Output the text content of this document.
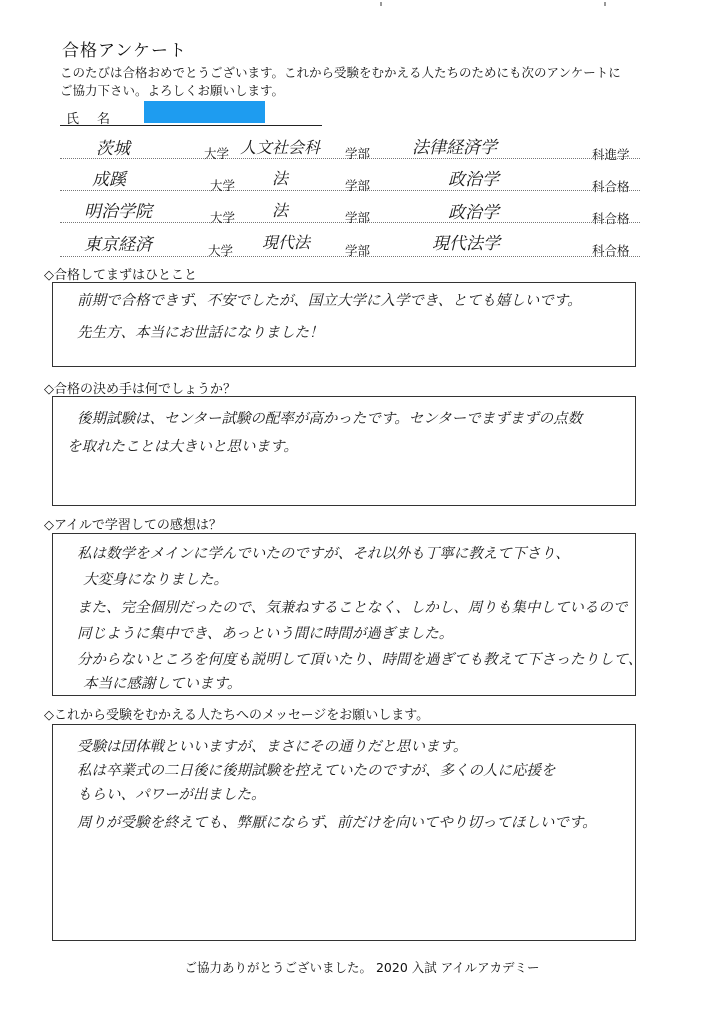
合格アンケート
このたびは合格おめでとうございます。これから受験をむかえる人たちのためにも次のアンケートに
ご協力下さい。よろしくお願いします。
氏名
茨城	大学 人文社会科 学部 法律経済学	科進学
成蹊	大学 法	学部	政治学	科合格
明治学院	大学 法	学部	政治学	科合格
東京経済	大学 現代法	学部	現代法学	科合格
◇合格してまずはひとこと
前期で合格できず、不安でしたが、国立大学に入学でき、とても嬉しいです。
先生方、本当にお世話になりました！
◇合格の決め手は何でしょうか？
後期試験は、センター試験の配率が高かったです。センターでまずまずの点数
を取れたことは大きいと思います。
◇アイルで学習しての感想は？
私は数学をメインに学んでいたのですが、それ以外も丁寧に教えて下さり、
大変身になりました。
また、完全個別だったので、気兼ねすることなく、しかし、周りも集中しているので
同じように集中でき、あっという間に時間が過ぎました。
分からないところを何度も説明して頂いたり、時間を過ぎても教えて下さったりして、
本当に感謝しています。
◇これから受験をむかえる人たちへのメッセージをお願いします。
受験は団体戦といいますが、まさにその通りだと思います。
私は卒業式の二日後に後期試験を控えていたのですが、多くの人に応援を
もらい、パワーが出ました。
周りが受験を終えても、弊厭にならず、前だけを向いてやり切ってほしいです。
ご協力ありがとうございました。 2020 入試 アイルアカデミー
